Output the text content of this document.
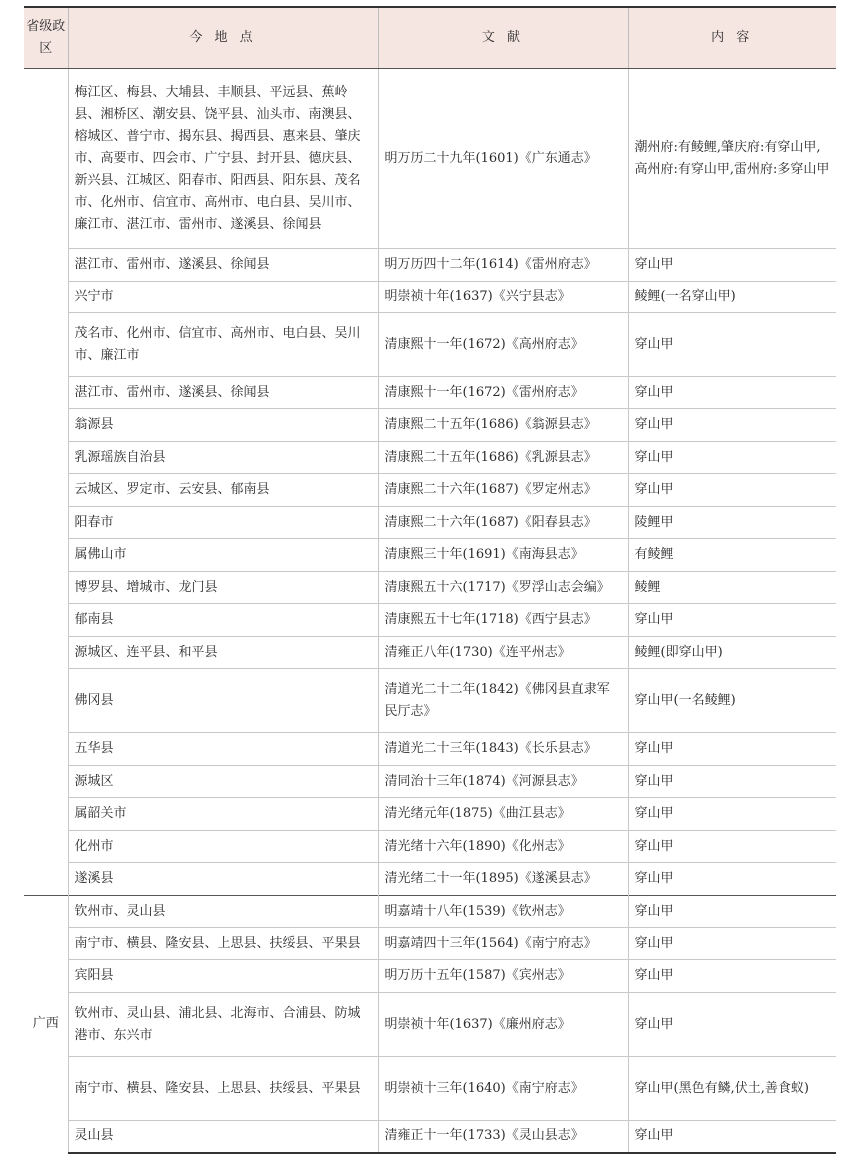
省级政区	今 地 点	文 献	内 容
	梅江区、梅县、大埔县、丰顺县、平远县、蕉岭县、湘桥区、潮安县、饶平县、汕头市、南澳县、榕城区、普宁市、揭东县、揭西县、惠来县、肇庆市、高要市、四会市、广宁县、封开县、德庆县、新兴县、江城区、阳春市、阳西县、阳东县、茂名市、化州市、信宜市、高州市、电白县、吴川市、廉江市、湛江市、雷州市、遂溪县、徐闻县	明万历二十九年(1601)《广东通志》	潮州府:有鲮鲤,肇庆府:有穿山甲,高州府:有穿山甲,雷州府:多穿山甲
	湛江市、雷州市、遂溪县、徐闻县	明万历四十二年(1614)《雷州府志》	穿山甲
	兴宁市	明崇祯十年(1637)《兴宁县志》	鲮鲤(一名穿山甲)
	茂名市、化州市、信宜市、高州市、电白县、吴川市、廉江市	清康熙十一年(1672)《高州府志》	穿山甲
	湛江市、雷州市、遂溪县、徐闻县	清康熙十一年(1672)《雷州府志》	穿山甲
	翁源县	清康熙二十五年(1686)《翁源县志》	穿山甲
	乳源瑶族自治县	清康熙二十五年(1686)《乳源县志》	穿山甲
	云城区、罗定市、云安县、郁南县	清康熙二十六年(1687)《罗定州志》	穿山甲
	阳春市	清康熙二十六年(1687)《阳春县志》	陵鲤甲
	属佛山市	清康熙三十年(1691)《南海县志》	有鲮鲤
	博罗县、增城市、龙门县	清康熙五十六(1717)《罗浮山志会编》	鲮鲤
	郁南县	清康熙五十七年(1718)《西宁县志》	穿山甲
	源城区、连平县、和平县	清雍正八年(1730)《连平州志》	鲮鲤(即穿山甲)
	佛冈县	清道光二十二年(1842)《佛冈县直隶军民厅志》	穿山甲(一名鲮鲤)
	五华县	清道光二十三年(1843)《长乐县志》	穿山甲
	源城区	清同治十三年(1874)《河源县志》	穿山甲
	属韶关市	清光绪元年(1875)《曲江县志》	穿山甲
	化州市	清光绪十六年(1890)《化州志》	穿山甲
	遂溪县	清光绪二十一年(1895)《遂溪县志》	穿山甲
广西	钦州市、灵山县	明嘉靖十八年(1539)《钦州志》	穿山甲
	南宁市、横县、隆安县、上思县、扶绥县、平果县	明嘉靖四十三年(1564)《南宁府志》	穿山甲
	宾阳县	明万历十五年(1587)《宾州志》	穿山甲
	钦州市、灵山县、浦北县、北海市、合浦县、防城港市、东兴市	明崇祯十年(1637)《廉州府志》	穿山甲
	南宁市、横县、隆安县、上思县、扶绥县、平果县	明崇祯十三年(1640)《南宁府志》	穿山甲(黑色有鳞,伏土,善食蚁)
	灵山县	清雍正十一年(1733)《灵山县志》	穿山甲
